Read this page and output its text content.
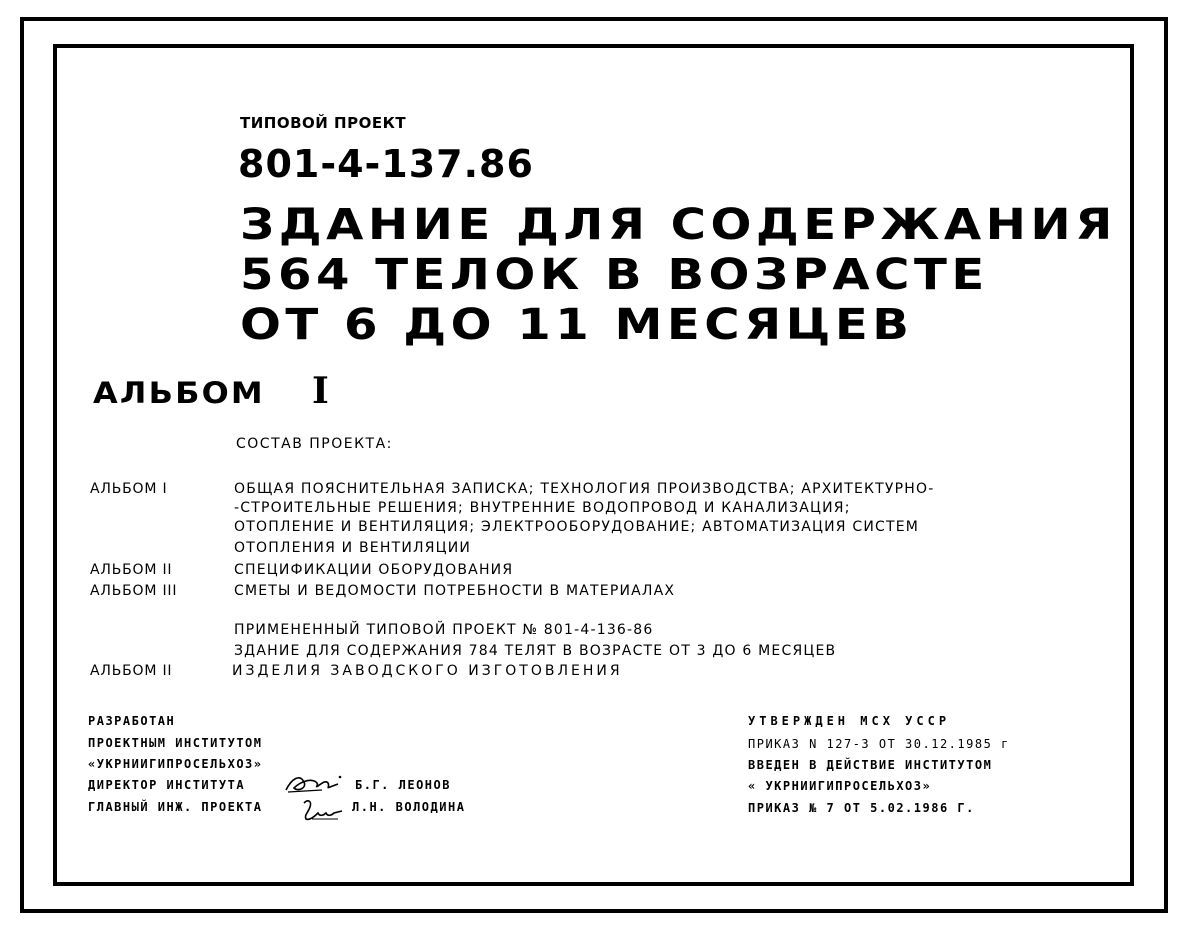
ТИПОВОЙ ПРОЕКТ
801-4-137.86
ЗДАНИЕ ДЛЯ СОДЕРЖАНИЯ
564 ТЕЛОК В ВОЗРАСТЕ
ОТ 6 ДО 11 МЕСЯЦЕВ
АЛЬБОМ I
СОСТАВ ПРОЕКТА:
АЛЬБОМ I	ОБЩАЯ ПОЯСНИТЕЛЬНАЯ ЗАПИСКА; ТЕХНОЛОГИЯ ПРОИЗВОДСТВА; АРХИТЕКТУРНО-
-СТРОИТЕЛЬНЫЕ РЕШЕНИЯ; ВНУТРЕННИЕ ВОДОПРОВОД И КАНАЛИЗАЦИЯ;
ОТОПЛЕНИЕ И ВЕНТИЛЯЦИЯ; ЭЛЕКТРООБОРУДОВАНИЕ; АВТОМАТИЗАЦИЯ СИСТЕМ
ОТОПЛЕНИЯ И ВЕНТИЛЯЦИИ
АЛЬБОМ II	СПЕЦИФИКАЦИИ ОБОРУДОВАНИЯ
АЛЬБОМ III	СМЕТЫ И ВЕДОМОСТИ ПОТРЕБНОСТИ В МАТЕРИАЛАХ
ПРИМЕНЕННЫЙ ТИПОВОЙ ПРОЕКТ № 801-4-136-86
ЗДАНИЕ ДЛЯ СОДЕРЖАНИЯ 784 ТЕЛЯТ В ВОЗРАСТЕ ОТ 3 ДО 6 МЕСЯЦЕВ
АЛЬБОМ II	ИЗДЕЛИЯ ЗАВОДСКОГО ИЗГОТОВЛЕНИЯ
РАЗРАБОТАН
ПРОЕКТНЫМ ИНСТИТУТОМ
«УКРНИИГИПРОСЕЛЬХОЗ»
ДИРЕКТОР ИНСТИТУТА	Б.Г. ЛЕОНОВ
ГЛАВНЫЙ ИНЖ. ПРОЕКТА	Л.Н. ВОЛОДИНА
УТВЕРЖДЕН МСХ УССР
ПРИКАЗ N 127-3 ОТ 30.12.1985 г
ВВЕДЕН В ДЕЙСТВИЕ ИНСТИТУТОМ
« УКРНИИГИПРОСЕЛЬХОЗ»
ПРИКАЗ № 7 ОТ 5.02.1986 Г.
